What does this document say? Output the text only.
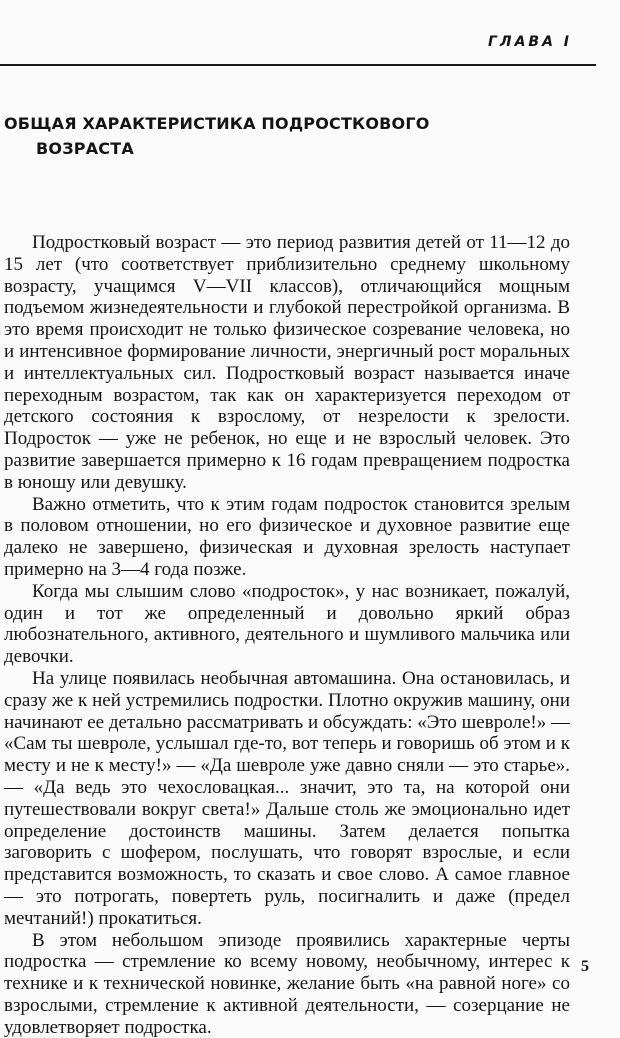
ГЛАВА I
ОБЩАЯ ХАРАКТЕРИСТИКА ПОДРОСТКОВОГО
ВОЗРАСТА

Подростковый возраст — это период развития детей от 11—12 до 15 лет (что соответствует приблизительно среднему школьному возрасту, учащимся V—VII классов), отличающийся мощным подъемом жизнедеятельности и глубокой перестройкой организма. В это время происходит не только физическое созревание человека, но и интенсивное формирование личности, энергичный рост моральных и интеллектуальных сил. Подростковый возраст называется иначе переходным возрастом, так как он характеризуется переходом от детского состояния к взрослому, от незрелости к зрелости. Подросток — уже не ребенок, но еще и не взрослый человек. Это развитие завершается примерно к 16 годам превращением подростка в юношу или девушку.

Важно отметить, что к этим годам подросток становится зрелым в половом отношении, но его физическое и духовное развитие еще далеко не завершено, физическая и духовная зрелость наступает примерно на 3—4 года позже.

Когда мы слышим слово «подросток», у нас возникает, пожалуй, один и тот же определенный и довольно яркий образ любознательного, активного, деятельного и шумливого мальчика или девочки.

На улице появилась необычная автомашина. Она остановилась, и сразу же к ней устремились подростки. Плотно окружив машину, они начинают ее детально рассматривать и обсуждать: «Это шевроле!» — «Сам ты шевроле, услышал где-то, вот теперь и говоришь об этом и к месту и не к месту!» — «Да шевроле уже давно сняли — это старье». — «Да ведь это чехословацкая... значит, это та, на которой они путешествовали вокруг света!» Дальше столь же эмоционально идет определение достоинств машины. Затем делается попытка заговорить с шофером, послушать, что говорят взрослые, и если представится возможность, то сказать и свое слово. А самое главное — это потрогать, повертеть руль, посигналить и даже (предел мечтаний!) прокатиться.

В этом небольшом эпизоде проявились характерные черты подростка — стремление ко всему новому, необычному, интерес к технике и к технической новинке, желание быть «на равной ноге» со взрослыми, стремление к активной деятельности, — созерцание не удовлетворяет подростка.

5
